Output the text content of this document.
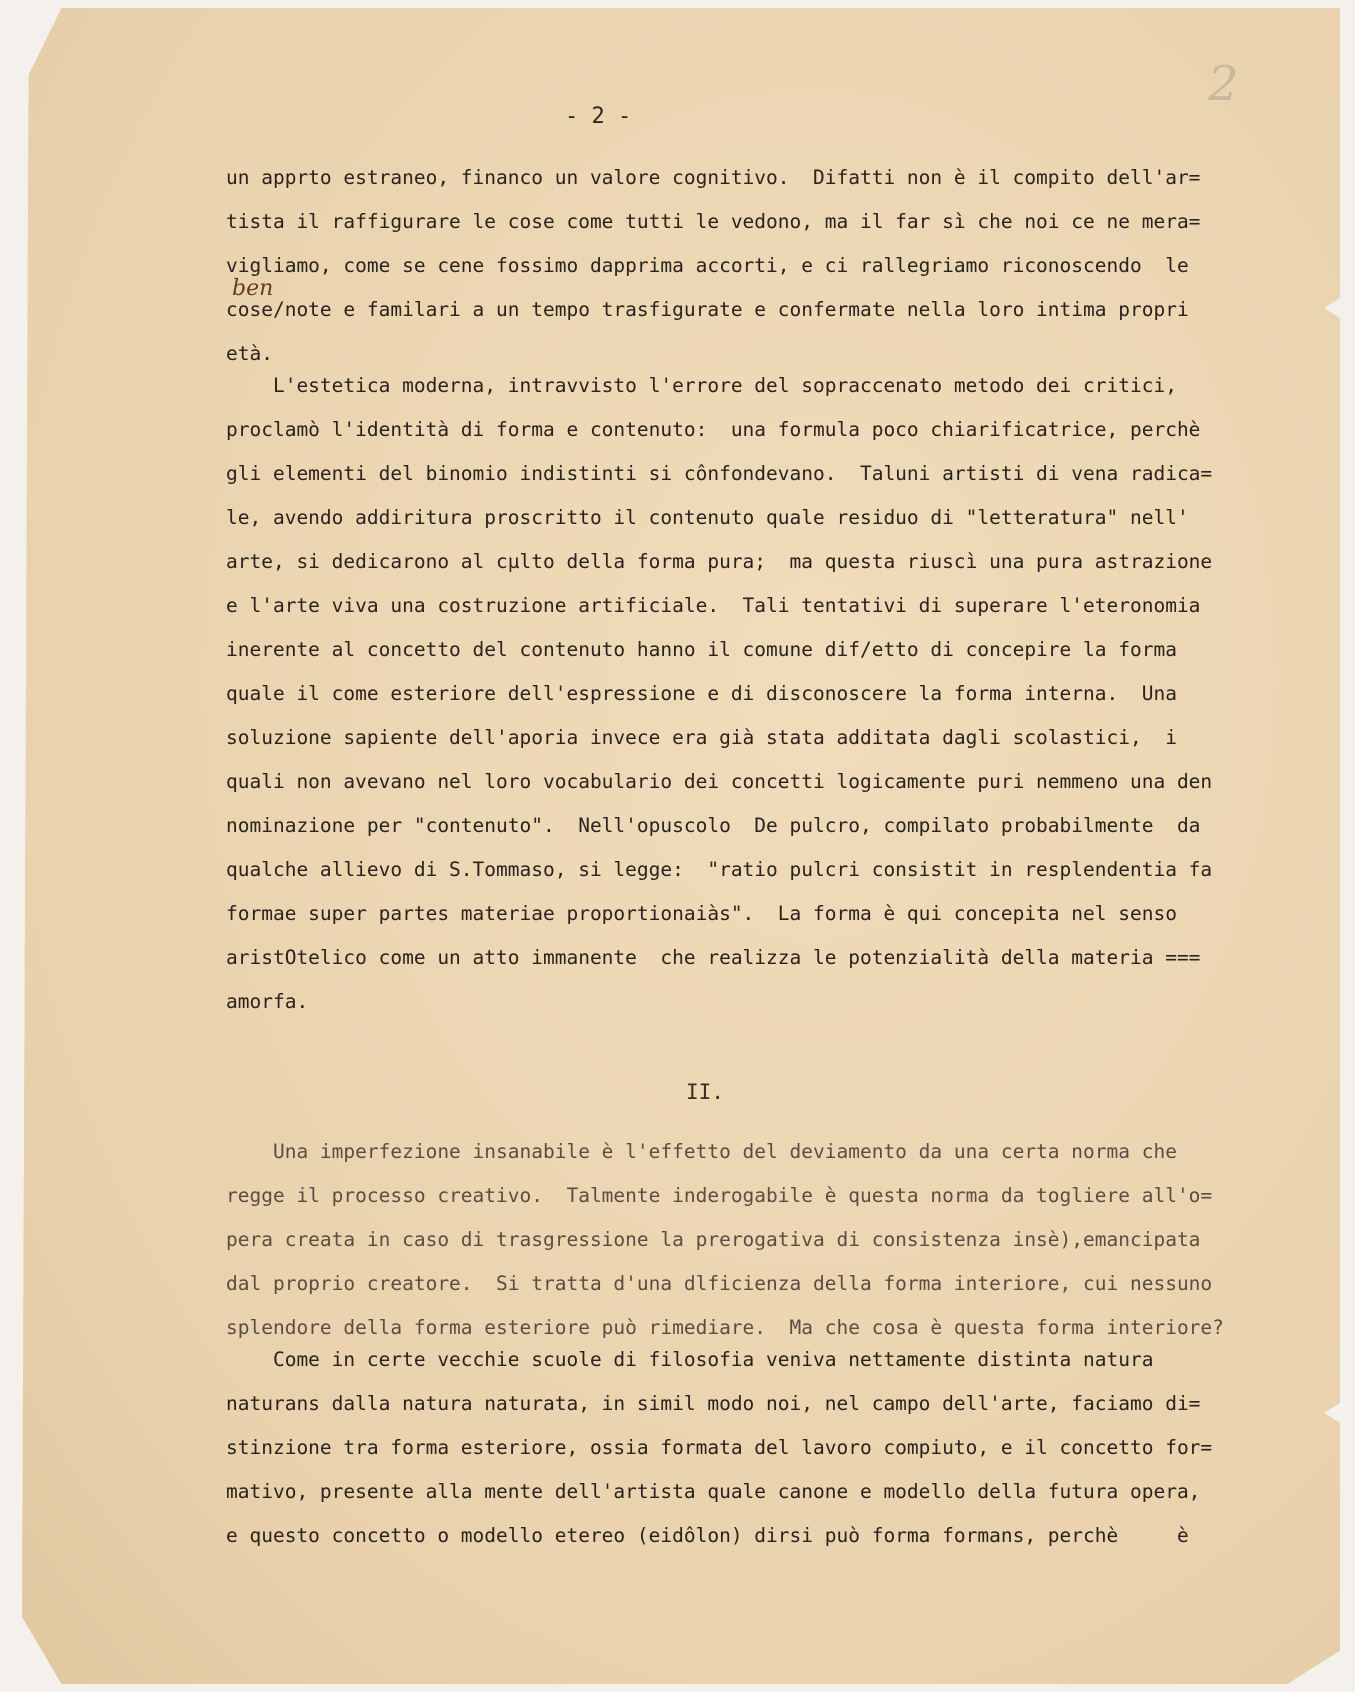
2
- 2 -
ben
un apprto estraneo, financo un valore cognitivo.  Difatti non è il compito dell'ar=
tista il raffigurare le cose come tutti le vedono, ma il far sì che noi ce ne mera=
vigliamo, come se cene fossimo dapprima accorti, e ci rallegriamo riconoscendo  le
cose/note e familari a un tempo trasfigurate e confermate nella loro intima propri
età.
L'estetica moderna, intravvisto l'errore del sopraccenato metodo dei critici,
proclamò l'identità di forma e contenuto:  una formula poco chiarificatrice, perchè
gli elementi del binomio indistinti si cônfondevano.  Taluni artisti di vena radica=
le, avendo addiritura proscritto il contenuto quale residuo di "letteratura" nell'
arte, si dedicarono al cµlto della forma pura;  ma questa riuscì una pura astrazione
e l'arte viva una costruzione artificiale.  Tali tentativi di superare l'eteronomia
inerente al concetto del contenuto hanno il comune dif/etto di concepire la forma
quale il come esteriore dell'espressione e di disconoscere la forma interna.  Una
soluzione sapiente dell'aporia invece era già stata additata dagli scolastici,  i
quali non avevano nel loro vocabulario dei concetti logicamente puri nemmeno una den
nominazione per "contenuto".  Nell'opuscolo  De pulcro, compilato probabilmente  da
qualche allievo di S.Tommaso, si legge:  "ratio pulcri consistit in resplendentia fa
formae super partes materiae proportionaiàs".  La forma è qui concepita nel senso
aristOtelico come un atto immanente  che realizza le potenzialità della materia ===
amorfa.
II.
Una imperfezione insanabile è l'effetto del deviamento da una certa norma che
regge il processo creativo.  Talmente inderogabile è questa norma da togliere all'o=
pera creata in caso di trasgressione la prerogativa di consistenza insè),emancipata
dal proprio creatore.  Si tratta d'una dlficienza della forma interiore, cui nessuno
splendore della forma esteriore può rimediare.  Ma che cosa è questa forma interiore?
Come in certe vecchie scuole di filosofia veniva nettamente distinta natura
naturans dalla natura naturata, in simil modo noi, nel campo dell'arte, faciamo di=
stinzione tra forma esteriore, ossia formata del lavoro compiuto, e il concetto for=
mativo, presente alla mente dell'artista quale canone e modello della futura opera,
e questo concetto o modello etereo (eidôlon) dirsi può forma formans, perchè     è
